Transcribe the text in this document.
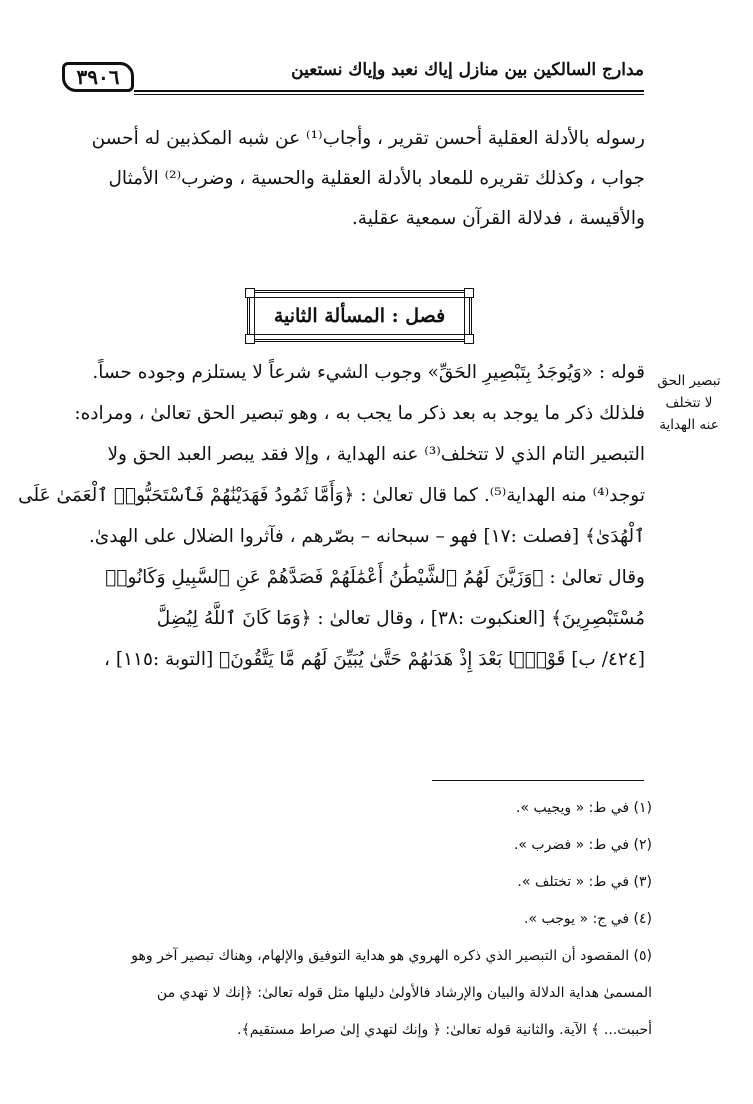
٣٩٠٦	مدارج السالكين بين منازل إياك نعبد وإياك نستعين
رسوله بالأدلة العقلية أحسن تقرير ، وأجاب⁽¹⁾ عن شبه المكذبين له أحسن
جواب ، وكذلك تقريره للمعاد بالأدلة العقلية والحسية ، وضرب⁽²⁾ الأمثال
والأقيسة ، فدلالة القرآن سمعية عقلية.
فصل : المسألة الثانية
تبصير الحق
لا تتخلف
عنه الهداية
قوله : «وَيُوجَدُ بِتَبْصِيرِ الحَقِّ» وجوب الشيء شرعاً لا يستلزم وجوده حساً.
فلذلك ذكر ما يوجد به بعد ذكر ما يجب به ، وهو تبصير الحق تعالىٰ ، ومراده:
التبصير التام الذي لا تتخلف⁽³⁾ عنه الهداية ، وإلا فقد يبصر العبد الحق ولا
توجد⁽⁴⁾ منه الهداية⁽⁵⁾. كما قال تعالىٰ : ﴿وَأَمَّا ثَمُودُ فَهَدَيْنَٰهُمْ فَٱسْتَحَبُّوا۟ ٱلْعَمَىٰ عَلَى
ٱلْهُدَىٰ﴾ [فصلت :١٧] فهو – سبحانه – بصّرهم ، فآثروا الضلال على الهدىٰ.
وقال تعالىٰ : ﴿وَزَيَّنَ لَهُمُ ٱلشَّيْطَٰنُ أَعْمَٰلَهُمْ فَصَدَّهُمْ عَنِ ٱلسَّبِيلِ وَكَانُوا۟
مُسْتَبْصِرِينَ﴾ [العنكبوت :٣٨] ، وقال تعالىٰ : ﴿وَمَا كَانَ ٱللَّهُ لِيُضِلَّ
[٤٢٤/ ب] قَوْمًۢا بَعْدَ إِذْ هَدَىٰهُمْ حَتَّىٰ يُبَيِّنَ لَهُم مَّا يَتَّقُونَ﴾ [التوبة :١١٥] ،
(١) في ط: « ويجيب ».
(٢) في ط: « فضرب ».
(٣) في ط: « تختلف ».
(٤) في ج: « يوجب ».
(٥) المقصود أن التبصير الذي ذكره الهروي هو هداية التوفيق والإلهام، وهناك تبصير آخر وهو
المسمىٰ هداية الدلالة والبيان والإرشاد فالأولىٰ دليلها مثل قوله تعالىٰ: ﴿إنك لا تهدي من
أحببت... ﴾ الآية. والثانية قوله تعالىٰ: ﴿ وإنك لتهدي إلىٰ صراط مستقيم﴾.
